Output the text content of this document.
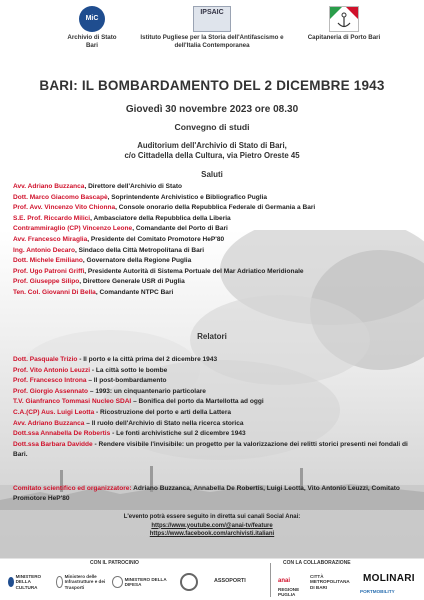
MiC
Archivio di Stato Bari
IPSAIC
Istituto Pugliese per la Storia dell'Antifascismo e dell'Italia Contemporanea
Capitaneria di Porto Bari
BARI: IL BOMBARDAMENTO DEL 2 DICEMBRE 1943
Giovedì 30 novembre 2023 ore 08.30
Convegno di studi
Auditorium dell'Archivio di Stato di Bari,
c/o Cittadella della Cultura, via Pietro Oreste 45
Saluti
Avv. Adriano Buzzanca, Direttore dell'Archivio di Stato
Dott. Marco Giacomo Bascapè, Soprintendente Archivistico e Bibliografico Puglia
Prof. Avv. Vincenzo Vito Chionna, Console onorario della Repubblica Federale di Germania a Bari
S.E. Prof. Riccardo Milici, Ambasciatore della Repubblica della Liberia
Contrammiraglio (CP) Vincenzo Leone, Comandante del Porto di Bari
Avv. Francesco Miraglia, Presidente del Comitato Promotore HeP'80
Ing. Antonio Decaro, Sindaco della Città Metropolitana di Bari
Dott. Michele Emiliano, Governatore della Regione Puglia
Prof. Ugo Patroni Griffi, Presidente Autorità di Sistema Portuale del Mar Adriatico Meridionale
Prof. Giuseppe Silipo, Direttore Generale USR di Puglia
Ten. Col. Giovanni Di Bella, Comandante NTPC Bari
Relatori
Dott. Pasquale Trizio - Il porto e la città prima del 2 dicembre 1943
Prof. Vito Antonio Leuzzi - La città sotto le bombe
Prof. Francesco Introna – Il post-bombardamento
Prof. Giorgio Assennato – 1993: un cinquantenario particolare
T.V. Gianfranco Tommasi Nucleo SDAI – Bonifica del porto da Martellotta ad oggi
C.A.(CP) Aus. Luigi Leotta - Ricostruzione del porto e arti della Lattera
Avv. Adriano Buzzanca – Il ruolo dell'Archivio di Stato nella ricerca storica
Dott.ssa Annabella De Robertis - Le fonti archivistiche sul 2 dicembre 1943
Dott.ssa Barbara Davidde - Rendere visibile l'invisibile: un progetto per la valorizzazione dei relitti storici presenti nei fondali di Bari.
Comitato scientifico ed organizzatore: Adriano Buzzanca, Annabella De Robertis, Luigi Leotta, Vito Antonio Leuzzi, Comitato Promotore HeP'80
L'evento potrà essere seguito in diretta sui canali Social Anai:
https://www.youtube.com/@anai-tv/feature
https://www.facebook.com/archivisti.italiani
CON IL PATROCINIO	CON LA COLLABORAZIONE
MINISTERO DELLA CULTURA
Ministero delle Infrastrutture e dei Trasporti
MINISTERO DELLA DIFESA
ASSOPORTI	anai
CITTÀ METROPOLITANA DI BARI
REGIONE PUGLIA
MOLINARI
PORTMOBILITY
